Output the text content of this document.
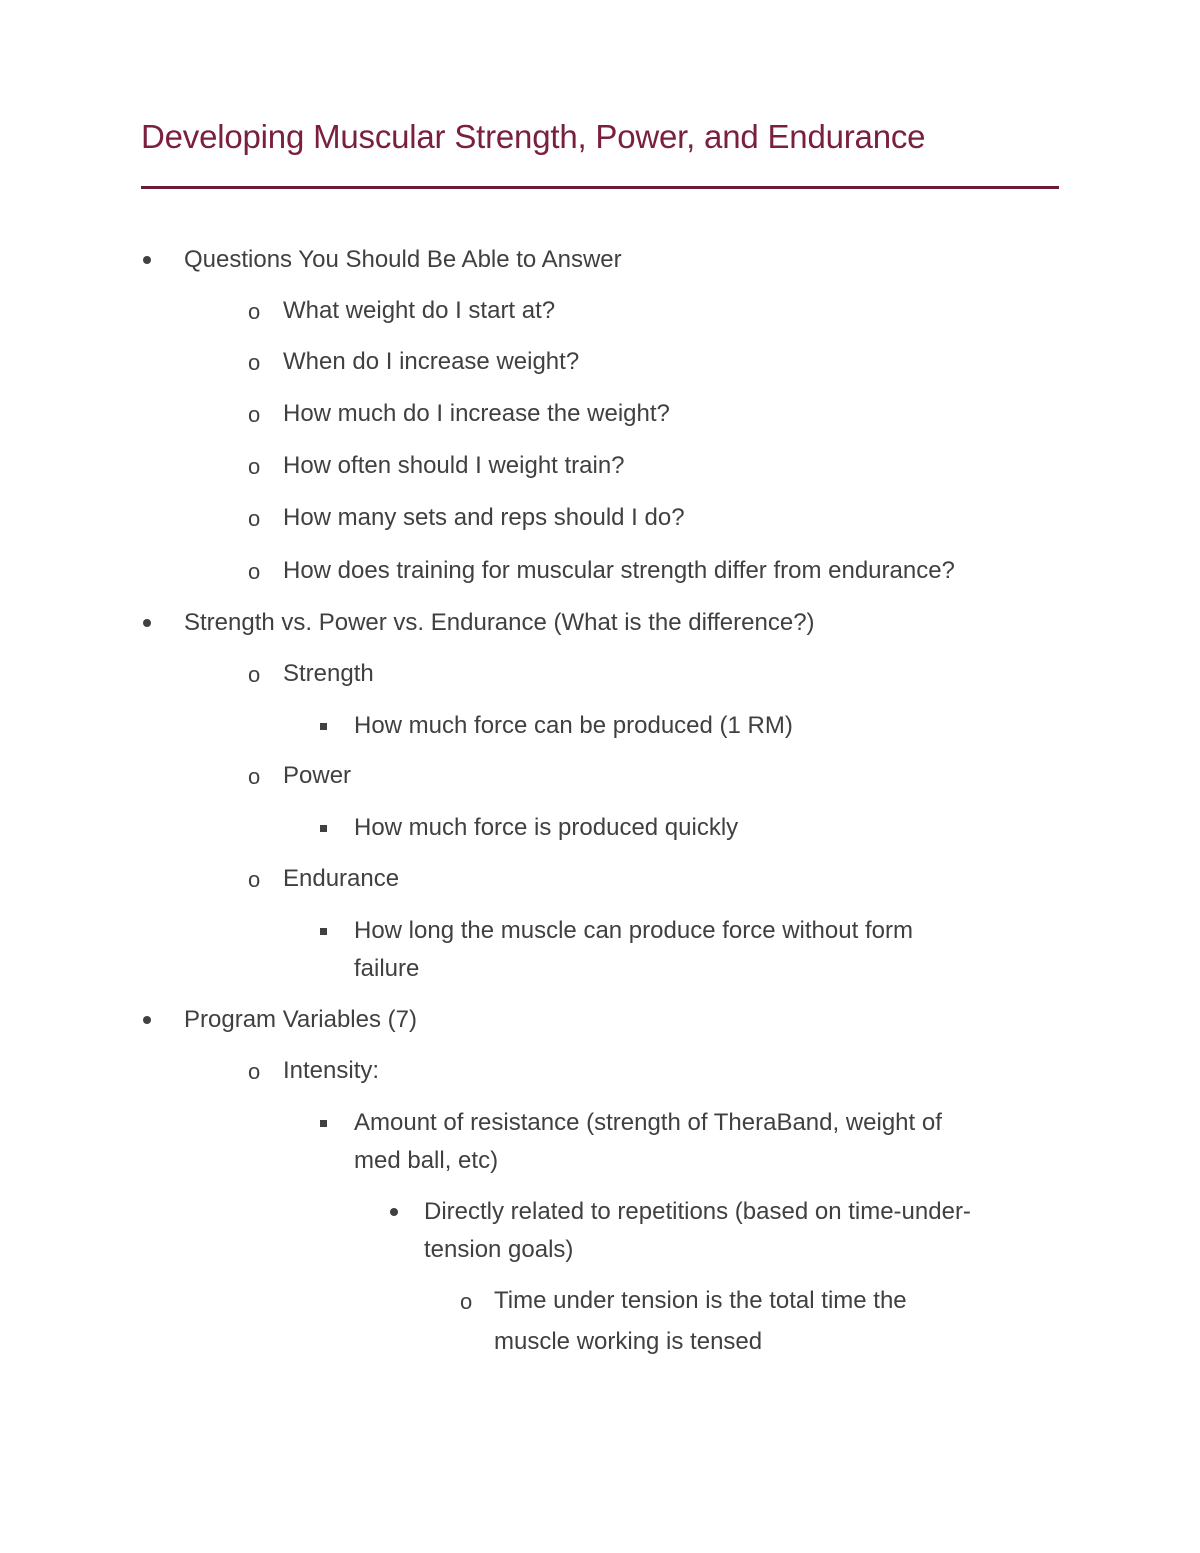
Developing Muscular Strength, Power, and Endurance
Questions You Should Be Able to Answer
o What weight do I start at?
o When do I increase weight?
o How much do I increase the weight?
o How often should I weight train?
o How many sets and reps should I do?
o How does training for muscular strength differ from endurance?
Strength vs. Power vs. Endurance (What is the difference?)
o Strength
How much force can be produced (1 RM)
o Power
How much force is produced quickly
o Endurance
How long the muscle can produce force without form
failure
Program Variables (7)
o Intensity:
Amount of resistance (strength of TheraBand, weight of
med ball, etc)
Directly related to repetitions (based on time-under-
tension goals)
o Time under tension is the total time the
muscle working is tensed
